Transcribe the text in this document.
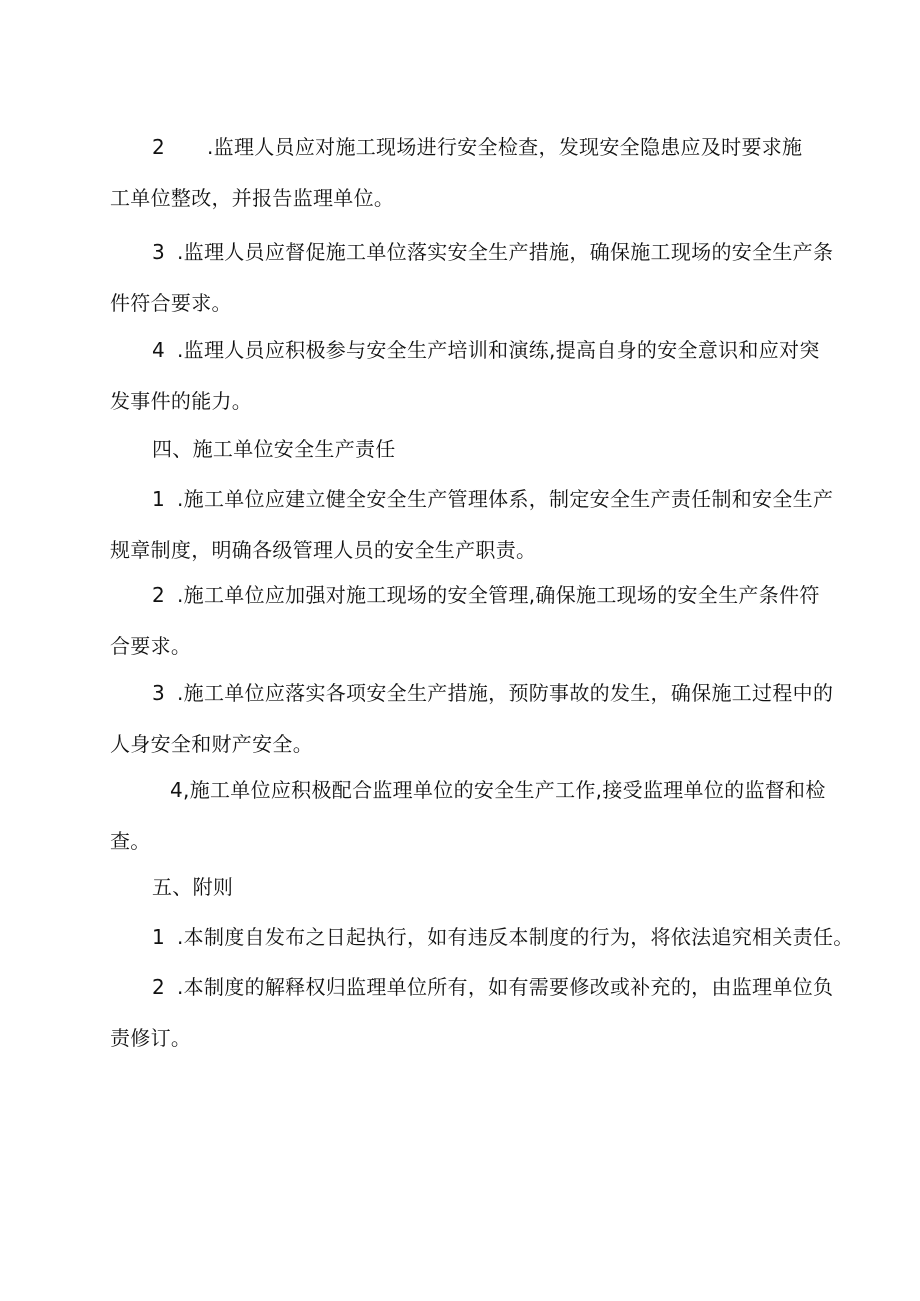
2 .监理人员应对施工现场进行安全检查，发现安全隐患应及时要求施
工单位整改，并报告监理单位。

3 .监理人员应督促施工单位落实安全生产措施，确保施工现场的安全生产条
件符合要求。

4 .监理人员应积极参与安全生产培训和演练,提高自身的安全意识和应对突
发事件的能力。

四、施工单位安全生产责任

1 .施工单位应建立健全安全生产管理体系，制定安全生产责任制和安全生产
规章制度，明确各级管理人员的安全生产职责。

2 .施工单位应加强对施工现场的安全管理,确保施工现场的安全生产条件符
合要求。

3 .施工单位应落实各项安全生产措施，预防事故的发生，确保施工过程中的
人身安全和财产安全。

4,施工单位应积极配合监理单位的安全生产工作,接受监理单位的监督和检
查。

五、附则

1 .本制度自发布之日起执行，如有违反本制度的行为，将依法追究相关责任。

2 .本制度的解释权归监理单位所有，如有需要修改或补充的，由监理单位负
责修订。
